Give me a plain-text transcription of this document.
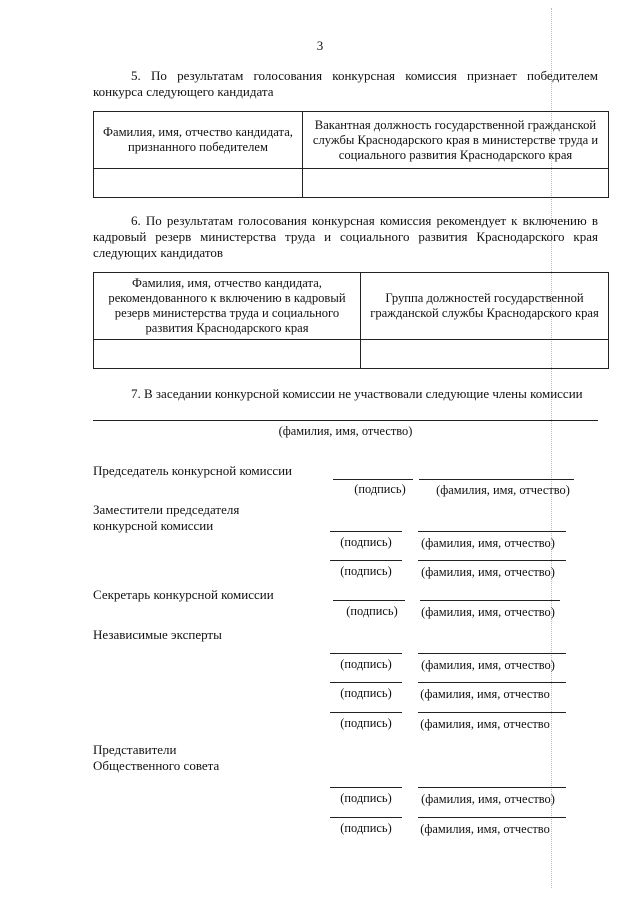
3
5. По результатам голосования конкурсная комиссия признает победителем конкурса следующего кандидата
Фамилия, имя, отчество кандидата, признанного победителем	Вакантная должность государственной гражданской службы Краснодарского края в министерстве труда и социального развития Краснодарского края

6. По результатам голосования конкурсная комиссия рекомендует к включению в кадровый резерв министерства труда и социального развития Краснодарского края следующих кандидатов
Фамилия, имя, отчество кандидата, рекомендованного к включению в кадровый резерв министерства труда и социального развития Краснодарского края	Группа должностей государственной гражданской службы Краснодарского края

7. В заседании конкурсной комиссии не участвовали следующие члены комиссии
(фамилия, имя, отчество)
Председатель конкурсной комиссии
(подпись)	(фамилия, имя, отчество)
Заместители председателя
конкурсной комиссии
(подпись)	(фамилия, имя, отчество)
(подпись)	(фамилия, имя, отчество)
Секретарь конкурсной комиссии
(подпись)	(фамилия, имя, отчество)
Независимые эксперты
(подпись)	(фамилия, имя, отчество)
(подпись)	(фамилия, имя, отчество
(подпись)	(фамилия, имя, отчество
Представители
Общественного совета
(подпись)	(фамилия, имя, отчество)
(подпись)	(фамилия, имя, отчество
